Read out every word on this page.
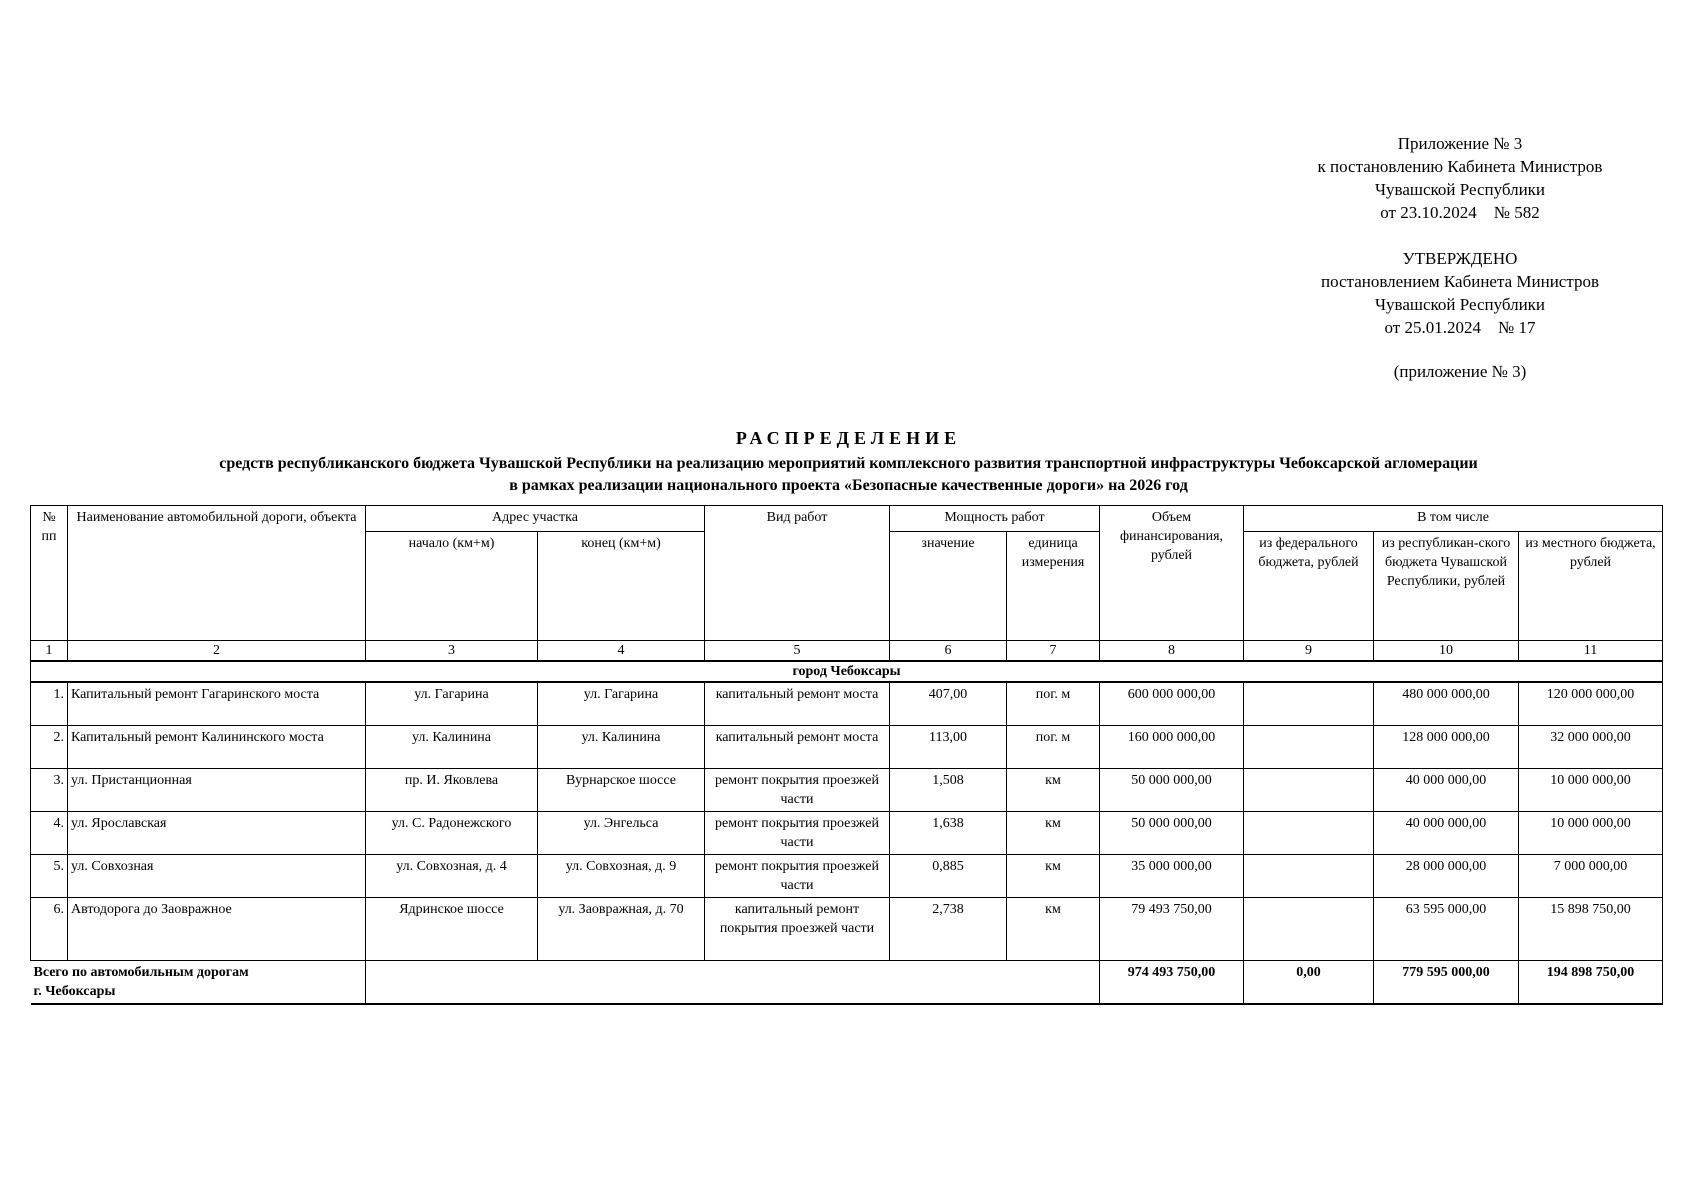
Приложение № 3
к постановлению Кабинета Министров
Чувашской Республики
от 23.10.2024    № 582
УТВЕРЖДЕНО
постановлением Кабинета Министров
Чувашской Республики
от 25.01.2024    № 17
(приложение № 3)
РАСПРЕДЕЛЕНИЕ
средств республиканского бюджета Чувашской Республики на реализацию мероприятий комплексного развития транспортной инфраструктуры Чебоксарской агломерации
в рамках реализации национального проекта «Безопасные качественные дороги» на 2026 год
№ пп	Наименование автомобильной дороги, объекта	Адрес участка		Вид работ	Мощность работ		Объем финансирования, рублей	В том числе		
		начало (км+м)	конец (км+м)		значение	единица измерения		из федерального бюджета, рублей	из республикан-ского бюджета Чувашской Республики, рублей	из местного бюджета, рублей
1	2	3	4	5	6	7	8	9	10	11
город Чебоксары										
1.	Капитальный ремонт Гагаринского моста	ул. Гагарина	ул. Гагарина	капитальный ремонт моста	407,00	пог. м	600 000 000,00		480 000 000,00	120 000 000,00
2.	Капитальный ремонт Калининского моста	ул. Калинина	ул. Калинина	капитальный ремонт моста	113,00	пог. м	160 000 000,00		128 000 000,00	32 000 000,00
3.	ул. Пристанционная	пр. И. Яковлева	Вурнарское шоссе	ремонт покрытия проезжей части	1,508	км	50 000 000,00		40 000 000,00	10 000 000,00
4.	ул. Ярославская	ул. С. Радонежского	ул. Энгельса	ремонт покрытия проезжей части	1,638	км	50 000 000,00		40 000 000,00	10 000 000,00
5.	ул. Совхозная	ул. Совхозная, д. 4	ул. Совхозная, д. 9	ремонт покрытия проезжей части	0,885	км	35 000 000,00		28 000 000,00	7 000 000,00
6.	Автодорога до Заовражное	Ядринское шоссе	ул. Заовражная, д. 70	капитальный ремонт покрытия проезжей части	2,738	км	79 493 750,00		63 595 000,00	15 898 750,00

Всего по автомобильным дорогам
г. Чебоксары							974 493 750,00	0,00	779 595 000,00	194 898 750,00
